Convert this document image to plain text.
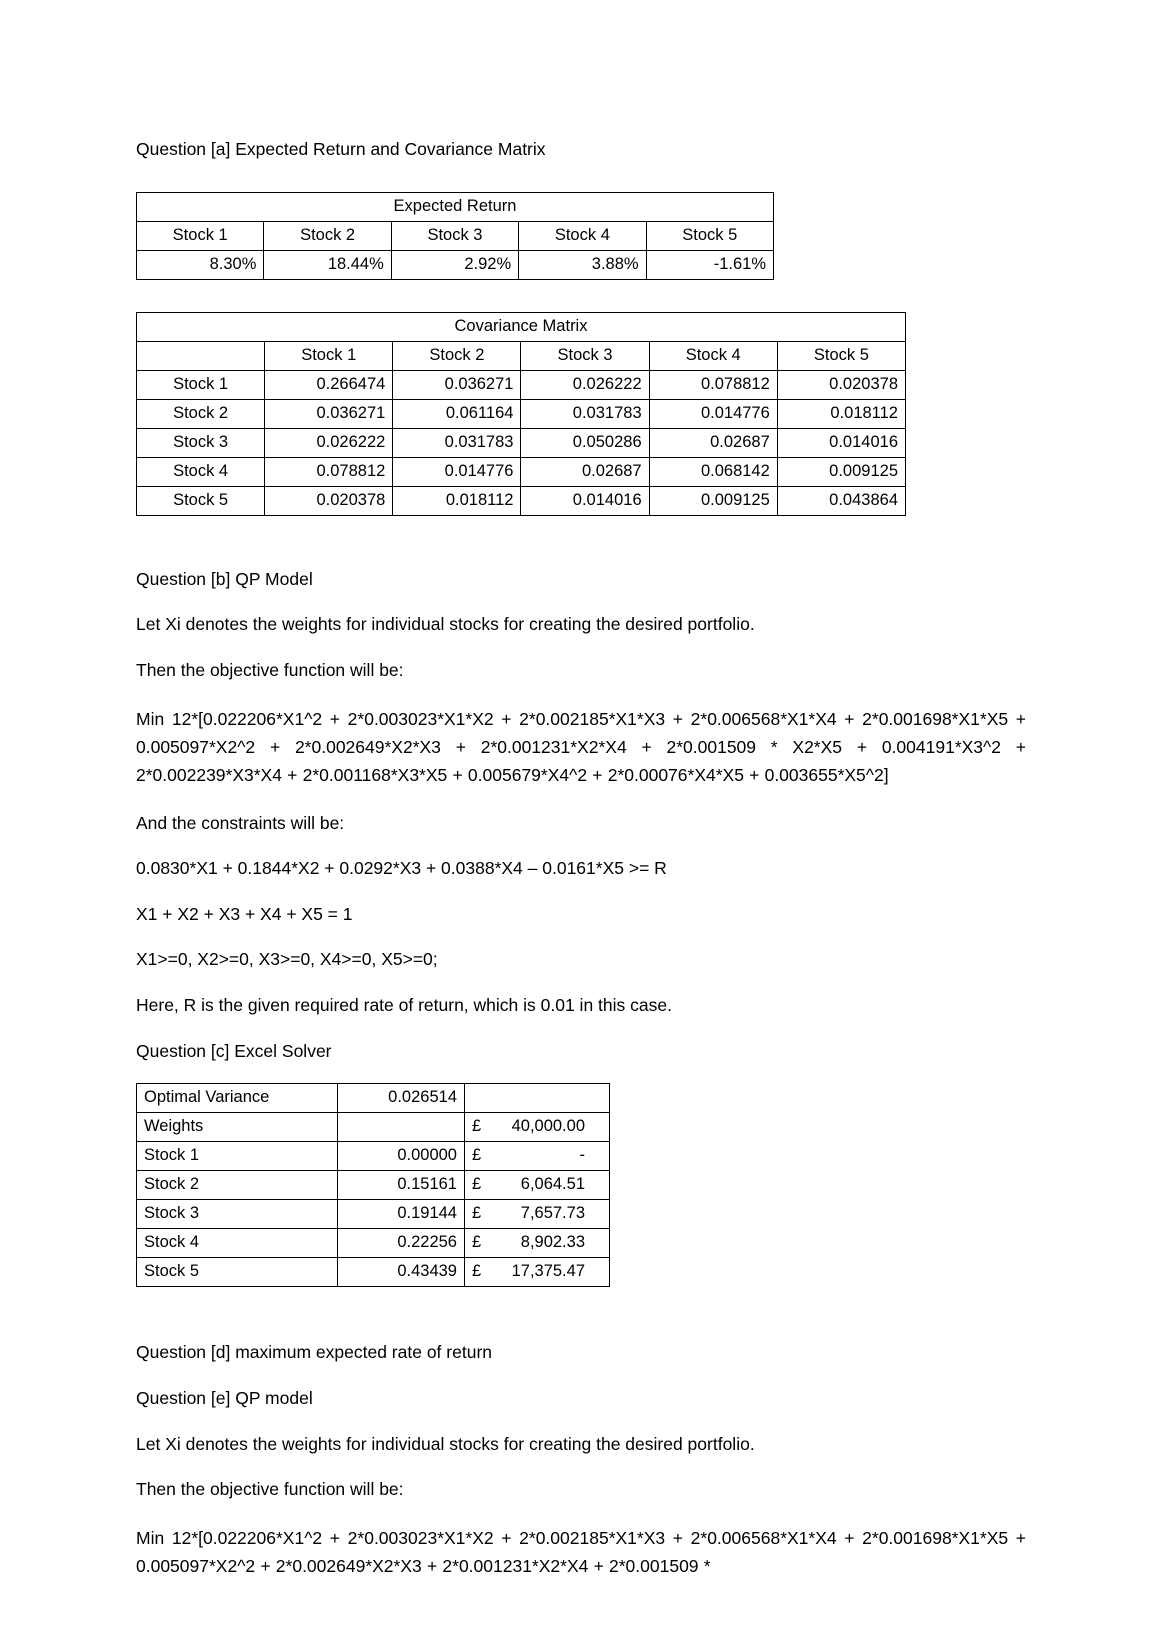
Question [a] Expected Return and Covariance Matrix

Expected Return				
Stock 1	Stock 2	Stock 3	Stock 4	Stock 5
8.30%	18.44%	2.92%	3.88%	-1.61%
Covariance Matrix					
	Stock 1	Stock 2	Stock 3	Stock 4	Stock 5
Stock 1	0.266474	0.036271	0.026222	0.078812	0.020378
Stock 2	0.036271	0.061164	0.031783	0.014776	0.018112
Stock 3	0.026222	0.031783	0.050286	0.02687	0.014016
Stock 4	0.078812	0.014776	0.02687	0.068142	0.009125
Stock 5	0.020378	0.018112	0.014016	0.009125	0.043864

Question [b] QP Model

Let Xi denotes the weights for individual stocks for creating the desired portfolio.

Then the objective function will be:

Min 12*[0.022206*X1^2 + 2*0.003023*X1*X2 + 2*0.002185*X1*X3 + 2*0.006568*X1*X4 + 2*0.001698*X1*X5 + 0.005097*X2^2 + 2*0.002649*X2*X3 + 2*0.001231*X2*X4 + 2*0.001509 * X2*X5 + 0.004191*X3^2 + 2*0.002239*X3*X4 + 2*0.001168*X3*X5 + 0.005679*X4^2 + 2*0.00076*X4*X5 + 0.003655*X5^2]

And the constraints will be:

0.0830*X1 + 0.1844*X2 + 0.0292*X3 + 0.0388*X4 – 0.0161*X5 >= R

X1 + X2 + X3 + X4 + X5 = 1

X1>=0, X2>=0, X3>=0, X4>=0, X5>=0;

Here, R is the given required rate of return, which is 0.01 in this case.

Question [c] Excel Solver

Optimal Variance	0.026514		
Weights		£	40,000.00
Stock 1	0.00000	£	-
Stock 2	0.15161	£	6,064.51
Stock 3	0.19144	£	7,657.73
Stock 4	0.22256	£	8,902.33
Stock 5	0.43439	£	17,375.47

Question [d] maximum expected rate of return

Question [e] QP model

Let Xi denotes the weights for individual stocks for creating the desired portfolio.

Then the objective function will be:

Min 12*[0.022206*X1^2 + 2*0.003023*X1*X2 + 2*0.002185*X1*X3 + 2*0.006568*X1*X4 + 2*0.001698*X1*X5 + 0.005097*X2^2 + 2*0.002649*X2*X3 + 2*0.001231*X2*X4 + 2*0.001509 *
